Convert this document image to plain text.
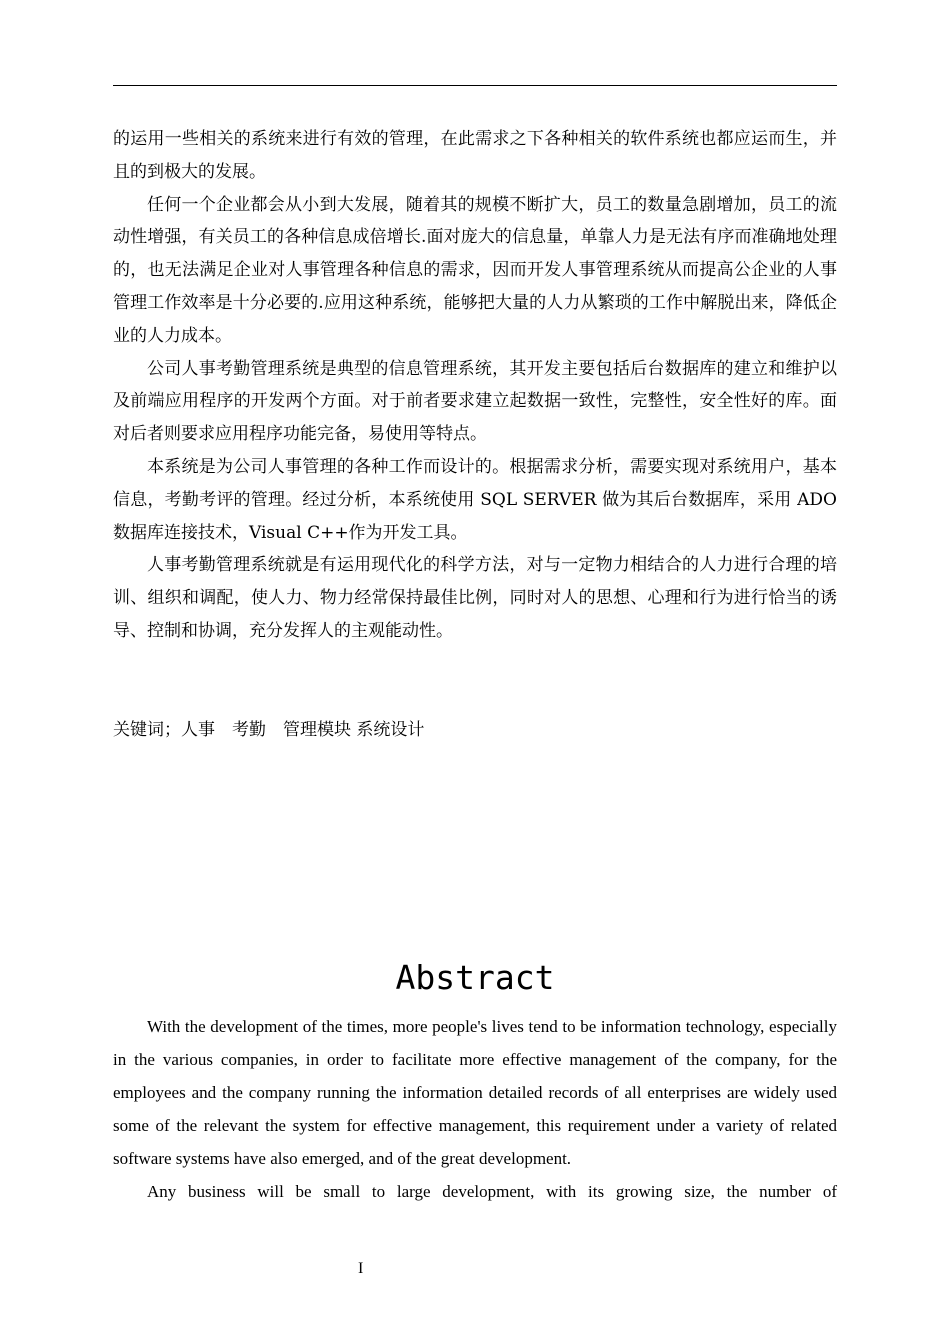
的运用一些相关的系统来进行有效的管理，在此需求之下各种相关的软件系统也都应运而生，并且的到极大的发展。

任何一个企业都会从小到大发展，随着其的规模不断扩大，员工的数量急剧增加，员工的流动性增强，有关员工的各种信息成倍增长.面对庞大的信息量，单靠人力是无法有序而准确地处理的，也无法满足企业对人事管理各种信息的需求，因而开发人事管理系统从而提高公企业的人事管理工作效率是十分必要的.应用这种系统，能够把大量的人力从繁琐的工作中解脱出来，降低企业的人力成本。

公司人事考勤管理系统是典型的信息管理系统，其开发主要包括后台数据库的建立和维护以及前端应用程序的开发两个方面。对于前者要求建立起数据一致性，完整性，安全性好的库。面对后者则要求应用程序功能完备，易使用等特点。

本系统是为公司人事管理的各种工作而设计的。根据需求分析，需要实现对系统用户，基本信息，考勤考评的管理。经过分析，本系统使用 SQL SERVER 做为其后台数据库，采用 ADO 数据库连接技术，Visual C++作为开发工具。

人事考勤管理系统就是有运用现代化的科学方法，对与一定物力相结合的人力进行合理的培训、组织和调配，使人力、物力经常保持最佳比例，同时对人的思想、心理和行为进行恰当的诱导、控制和协调，充分发挥人的主观能动性。

关键词；人事　考勤　管理模块 系统设计
Abstract

With the development of the times, more people's lives tend to be information technology, especially in the various companies, in order to facilitate more effective management of the company, for the employees and the company running the information detailed records of all enterprises are widely used some of the relevant the system for effective management, this requirement under a variety of related software systems have also emerged, and of the great development.

Any business will be small to large development, with its growing size, the number of

I
